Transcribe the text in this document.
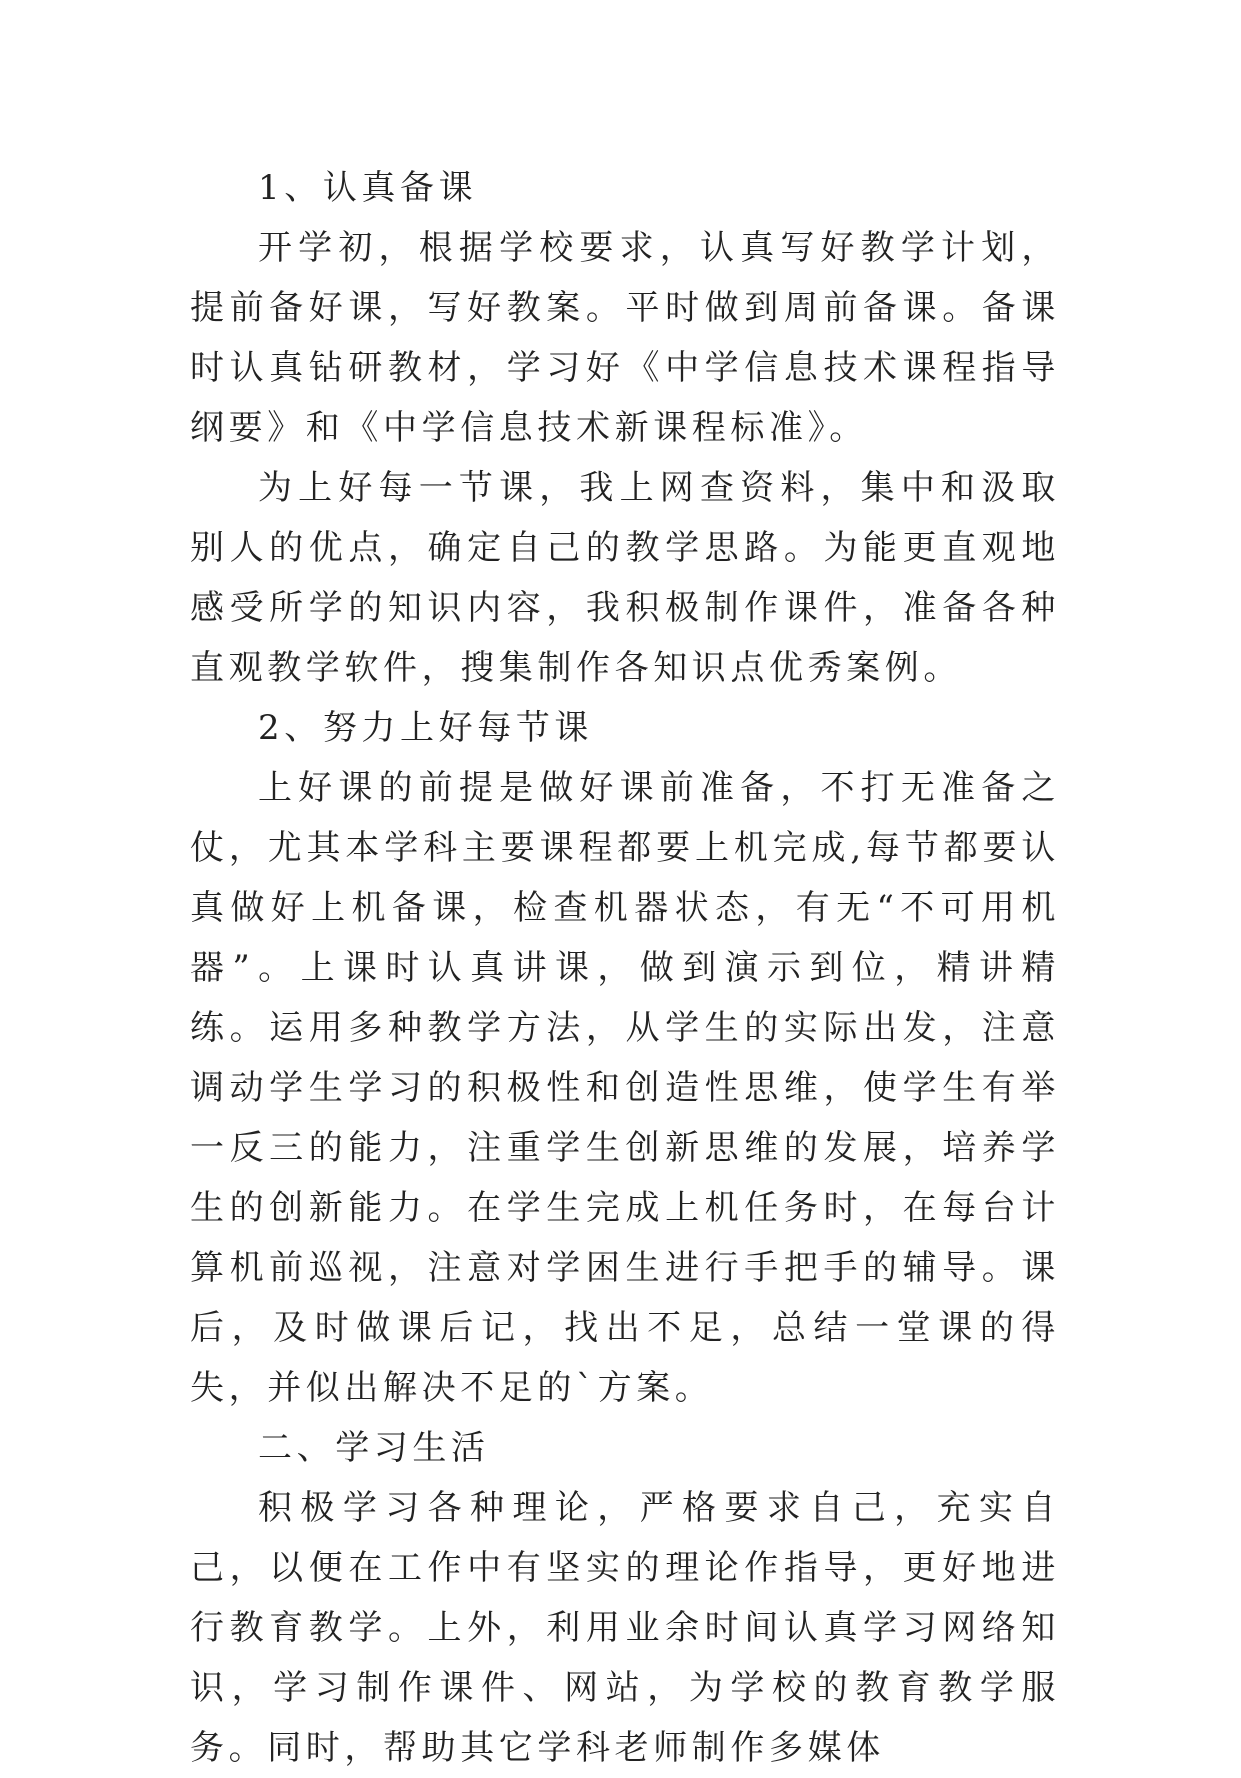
1、认真备课

开学初，根据学校要求，认真写好教学计划，提前备好课，写好教案。平时做到周前备课。备课时认真钻研教材，学习好《中学信息技术课程指导纲要》和《中学信息技术新课程标准》。

为上好每一节课，我上网查资料，集中和汲取别人的优点，确定自己的教学思路。为能更直观地感受所学的知识内容，我积极制作课件，准备各种直观教学软件，搜集制作各知识点优秀案例。

2、努力上好每节课

上好课的前提是做好课前准备，不打无准备之仗，尤其本学科主要课程都要上机完成,每节都要认真做好上机备课，检查机器状态，有无“不可用机器”。上课时认真讲课，做到演示到位，精讲精练。运用多种教学方法，从学生的实际出发，注意调动学生学习的积极性和创造性思维，使学生有举一反三的能力，注重学生创新思维的发展，培养学生的创新能力。在学生完成上机任务时，在每台计算机前巡视，注意对学困生进行手把手的辅导。课后，及时做课后记，找出不足，总结一堂课的得失，并似出解决不足的`方案。

二、学习生活

积极学习各种理论，严格要求自己，充实自己，以便在工作中有坚实的理论作指导，更好地进行教育教学。上外，利用业余时间认真学习网络知识，学习制作课件、网站，为学校的教育教学服务。同时，帮助其它学科老师制作多媒体
